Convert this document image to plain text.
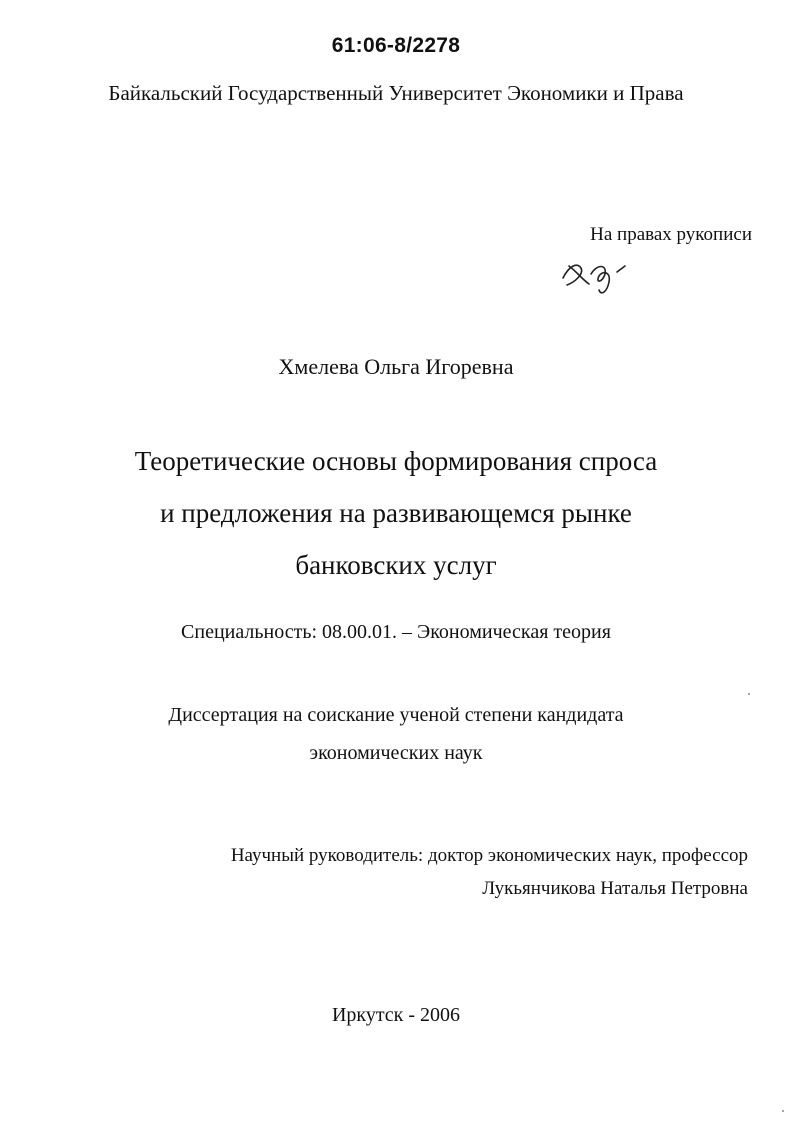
61:06-8/2278
Байкальский Государственный Университет Экономики и Права
На правах рукописи
Хмелева Ольга Игоревна
Теоретические основы формирования спроса
и предложения на развивающемся рынке
банковских услуг
Специальность: 08.00.01. – Экономическая теория
Диссертация на соискание ученой степени кандидата
экономических наук
Научный руководитель: доктор экономических наук, профессор
Лукьянчикова Наталья Петровна
Иркутск - 2006
